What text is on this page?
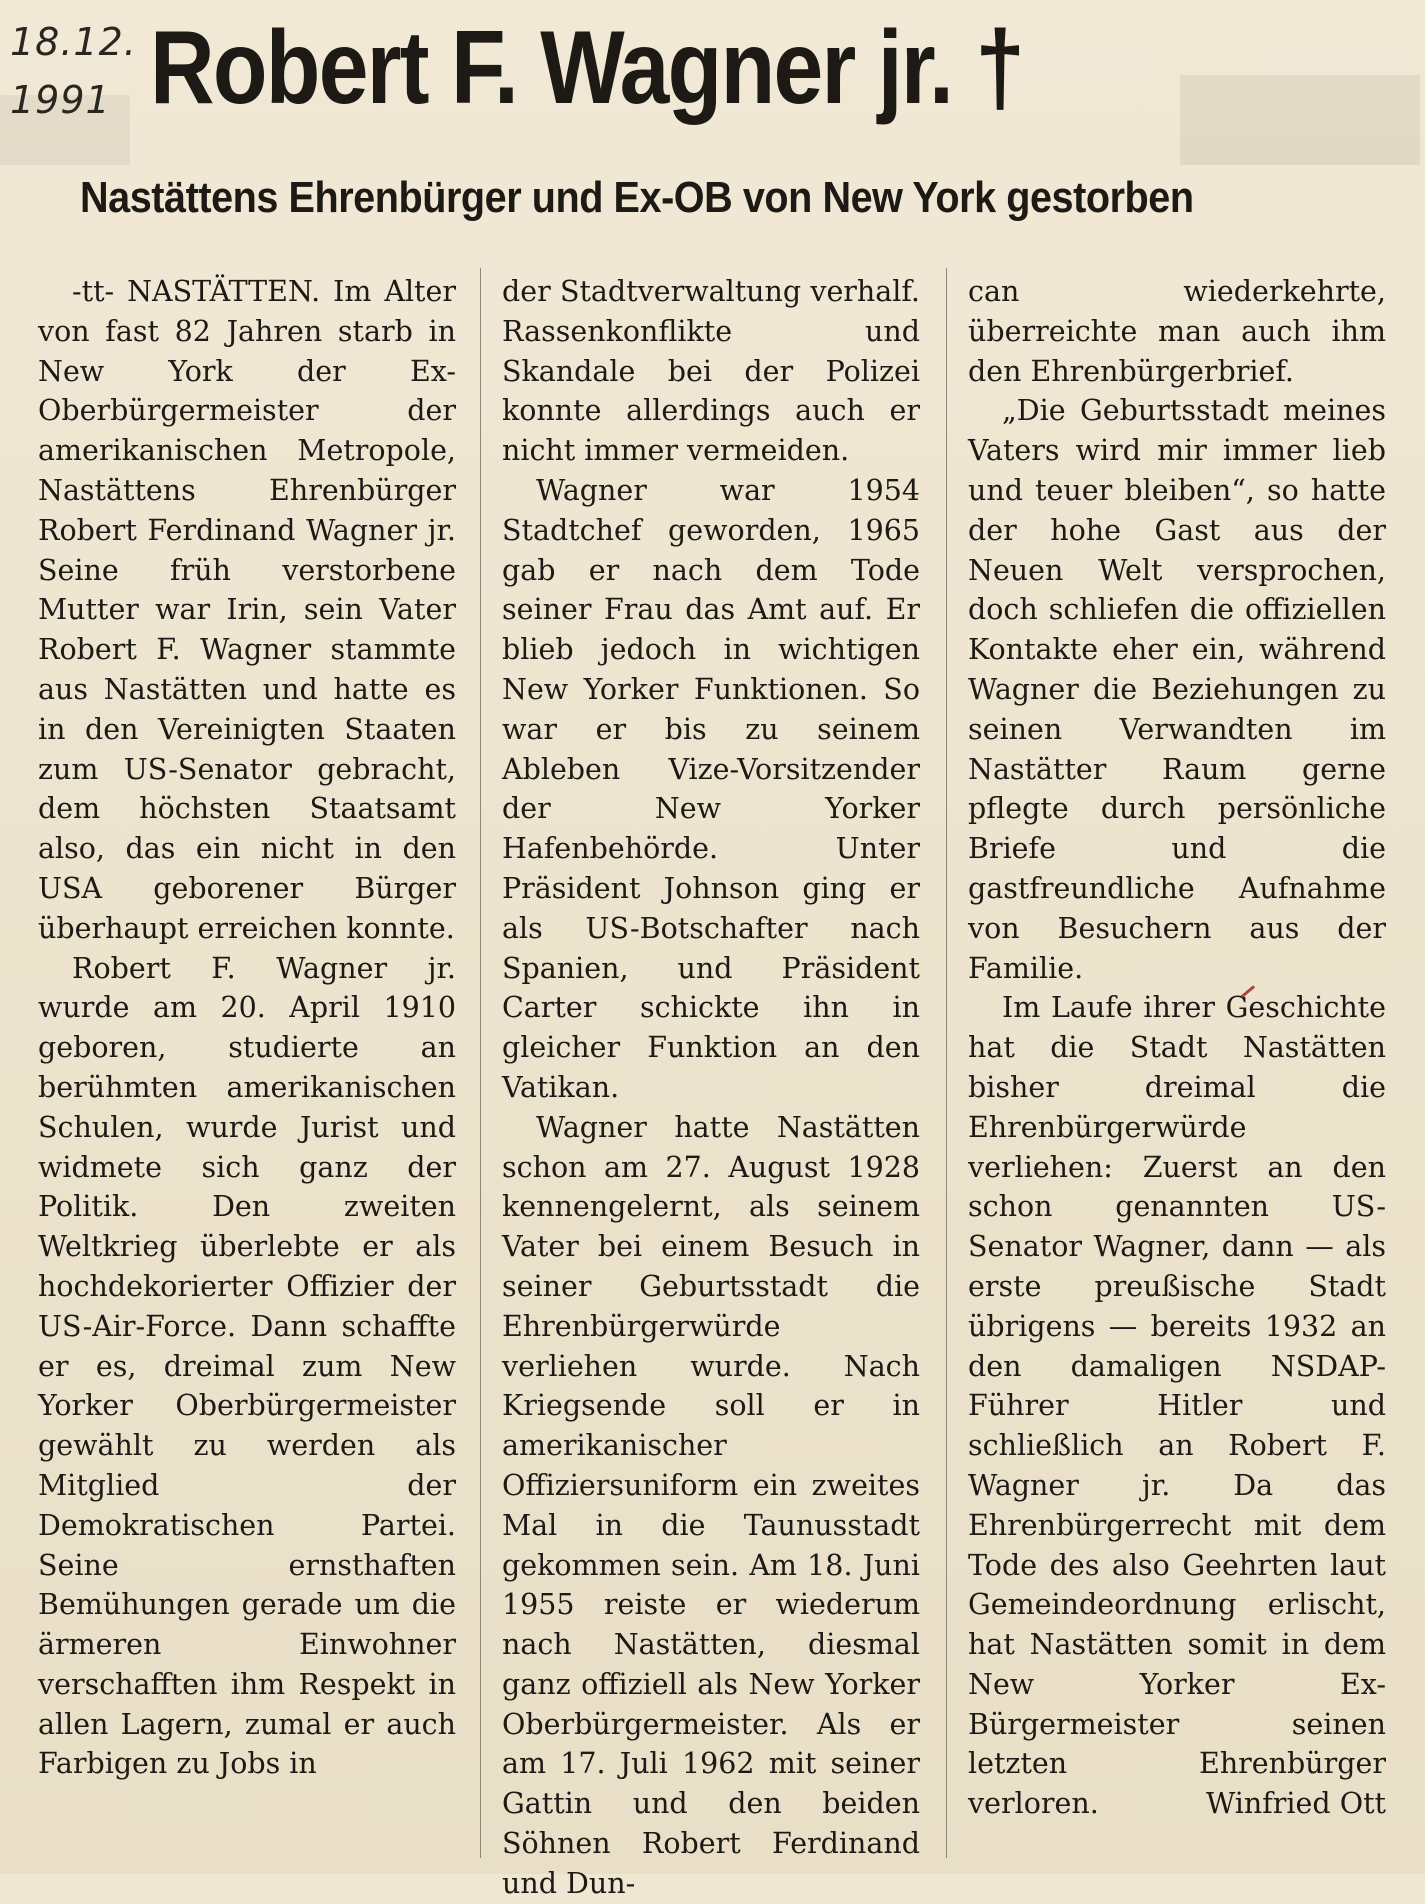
18.12.
1991 Robert F. Wagner jr. †
Nastättens Ehrenbürger und Ex-OB von New York gestorben

-tt- NASTÄTTEN. Im Alter von fast 82 Jahren starb in New York der Ex-Oberbürgermeister der amerikanischen Metropole, Nastättens Ehrenbürger Robert Ferdinand Wagner jr. Seine früh verstorbene Mutter war Irin, sein Vater Robert F. Wagner stammte aus Nastätten und hatte es in den Vereinigten Staaten zum US-Senator gebracht, dem höchsten Staatsamt also, das ein nicht in den USA geborener Bürger überhaupt erreichen konnte.

Robert F. Wagner jr. wurde am 20. April 1910 geboren, studierte an berühmten amerikanischen Schulen, wurde Jurist und widmete sich ganz der Politik. Den zweiten Weltkrieg überlebte er als hochdekorierter Offizier der US-Air-Force. Dann schaffte er es, dreimal zum New Yorker Oberbürgermeister gewählt zu werden als Mitglied der Demokratischen Partei. Seine ernsthaften Bemühungen gerade um die ärmeren Einwohner verschafften ihm Respekt in allen Lagern, zumal er auch Farbigen zu Jobs in

der Stadtverwaltung verhalf. Rassenkonflikte und Skandale bei der Polizei konnte allerdings auch er nicht immer vermeiden.

Wagner war 1954 Stadtchef geworden, 1965 gab er nach dem Tode seiner Frau das Amt auf. Er blieb jedoch in wichtigen New Yorker Funktionen. So war er bis zu seinem Ableben Vize-Vorsitzender der New Yorker Hafenbehörde. Unter Präsident Johnson ging er als US-Botschafter nach Spanien, und Präsident Carter schickte ihn in gleicher Funktion an den Vatikan.

Wagner hatte Nastätten schon am 27. August 1928 kennengelernt, als seinem Vater bei einem Besuch in seiner Geburtsstadt die Ehrenbürgerwürde verliehen wurde. Nach Kriegsende soll er in amerikanischer Offiziersuniform ein zweites Mal in die Taunusstadt gekommen sein. Am 18. Juni 1955 reiste er wiederum nach Nastätten, diesmal ganz offiziell als New Yorker Oberbürgermeister. Als er am 17. Juli 1962 mit seiner Gattin und den beiden Söhnen Robert Ferdinand und Dun-

can wiederkehrte, überreichte man auch ihm den Ehrenbürgerbrief.

„Die Geburtsstadt meines Vaters wird mir immer lieb und teuer bleiben“, so hatte der hohe Gast aus der Neuen Welt versprochen, doch schliefen die offiziellen Kontakte eher ein, während Wagner die Beziehungen zu seinen Verwandten im Nastätter Raum gerne pflegte durch persönliche Briefe und die gastfreundliche Aufnahme von Besuchern aus der Familie.

Im Laufe ihrer Geschichte hat die Stadt Nastätten bisher dreimal die Ehrenbürgerwürde verliehen: Zuerst an den schon genannten US-Senator Wagner, dann — als erste preußische Stadt übrigens — bereits 1932 an den damaligen NSDAP-Führer Hitler und schließlich an Robert F. Wagner jr. Da das Ehrenbürgerrecht mit dem Tode des also Geehrten laut Gemeindeordnung erlischt, hat Nastätten somit in dem New Yorker Ex-Bürgermeister seinen letzten Ehrenbürger verloren.	Winfried Ott
